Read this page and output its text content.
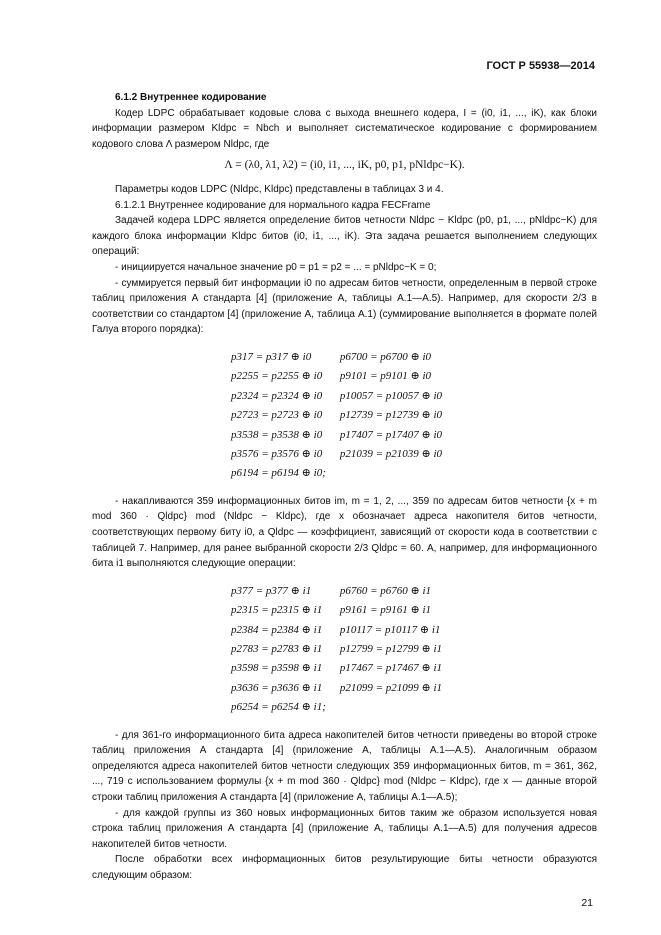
ГОСТ Р 55938—2014
6.1.2 Внутреннее кодирование

Кодер LDPC обрабатывает кодовые слова с выхода внешнего кодера, I = (i0, i1, ..., iK), как блоки информации размером Kldpc = Nbch и выполняет систематическое кодирование с формированием кодового слова Λ размером Nldpc, где

Λ = (λ0, λ1, λ2) = (i0, i1, ..., iK, p0, p1, pNldpc−K).

Параметры кодов LDPC (Nldpc, Kldpc) представлены в таблицах 3 и 4.

6.1.2.1 Внутреннее кодирование для нормального кадра FECFrame

Задачей кодера LDPC является определение битов четности Nldpc − Kldpc (p0, p1, ..., pNldpc−K) для каждого блока информации Kldpc битов (i0, i1, ..., iK). Эта задача решается выполнением следующих операций:

- инициируется начальное значение p0 = p1 = p2 = ... = pNldpc−K = 0;

- суммируется первый бит информации i0 по адресам битов четности, определенным в первой строке таблиц приложения А стандарта [4] (приложение А, таблицы А.1—А.5). Например, для скорости 2/3 в соответствии со стандартом [4] (приложение А, таблица А.1) (суммирование выполняется в формате полей Галуа второго порядка):

p317 = p317 ⊕ i0	p6700 = p6700 ⊕ i0
p2255 = p2255 ⊕ i0	p9101 = p9101 ⊕ i0
p2324 = p2324 ⊕ i0	p10057 = p10057 ⊕ i0
p2723 = p2723 ⊕ i0	p12739 = p12739 ⊕ i0
p3538 = p3538 ⊕ i0	p17407 = p17407 ⊕ i0
p3576 = p3576 ⊕ i0	p21039 = p21039 ⊕ i0
p6194 = p6194 ⊕ i0;	

- накапливаются 359 информационных битов im, m = 1, 2, ..., 359 по адресам битов четности {x + m mod 360 · Qldpc} mod (Nldpc − Kldpc), где x обозначает адреса накопителя битов четности, соответствующих первому биту i0, а Qldpc — коэффициент, зависящий от скорости кода в соответствии с таблицей 7. Например, для ранее выбранной скорости 2/3 Qldpc = 60. А, например, для информационного бита i1 выполняются следующие операции:

p377 = p377 ⊕ i1	p6760 = p6760 ⊕ i1
p2315 = p2315 ⊕ i1	p9161 = p9161 ⊕ i1
p2384 = p2384 ⊕ i1	p10117 = p10117 ⊕ i1
p2783 = p2783 ⊕ i1	p12799 = p12799 ⊕ i1
p3598 = p3598 ⊕ i1	p17467 = p17467 ⊕ i1
p3636 = p3636 ⊕ i1	p21099 = p21099 ⊕ i1
p6254 = p6254 ⊕ i1;	

- для 361-го информационного бита адреса накопителей битов четности приведены во второй строке таблиц приложения А стандарта [4] (приложение А, таблицы А.1—А.5). Аналогичным образом определяются адреса накопителей битов четности следующих 359 информационных битов, m = 361, 362, ..., 719 с использованием формулы {x + m mod 360 · Qldpc} mod (Nldpc − Kldpc), где x — данные второй строки таблиц приложения А стандарта [4] (приложение А, таблицы А.1—А.5);

- для каждой группы из 360 новых информационных битов таким же образом используется новая строка таблиц приложения А стандарта [4] (приложение А, таблицы А.1—А.5) для получения адресов накопителей битов четности.

После обработки всех информационных битов результирующие биты четности образуются следующим образом:

21
